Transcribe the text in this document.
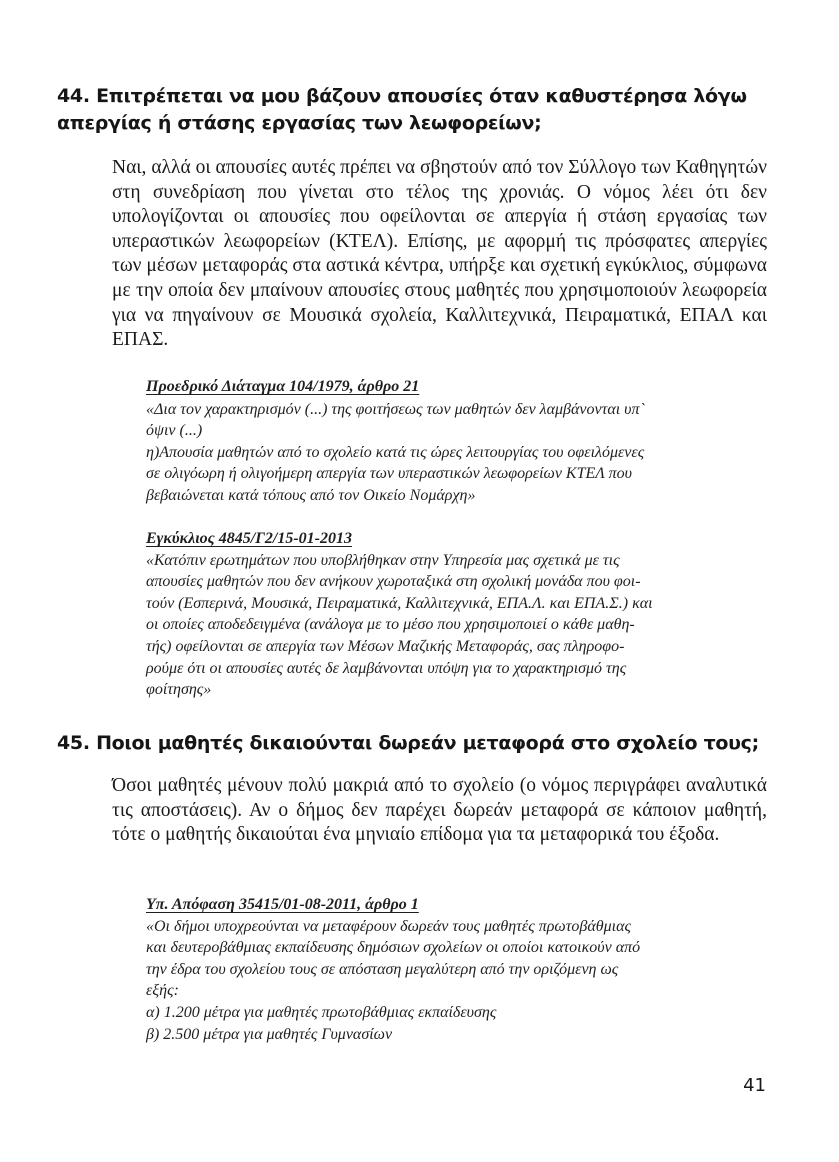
44. Επιτρέπεται να μου βάζουν απουσίες όταν καθυστέρησα λόγω απεργίας ή στάσης εργασίας των λεωφορείων;

Ναι, αλλά οι απουσίες αυτές πρέπει να σβηστούν από τον Σύλλογο των Καθηγητών στη συνεδρίαση που γίνεται στο τέλος της χρονιάς. Ο νόμος λέει ότι δεν υπολογίζονται οι απουσίες που οφείλονται σε απεργία ή στάση εργασίας των υπεραστικών λεωφορείων (ΚΤΕΛ). Επίσης, με αφορμή τις πρόσφατες απεργίες των μέσων μεταφοράς στα αστικά κέντρα, υπήρξε και σχετική εγκύκλιος, σύμφωνα με την οποία δεν μπαίνουν απουσίες στους μαθητές που χρησιμοποιούν λεωφορεία για να πηγαίνουν σε Μουσικά σχολεία, Καλλιτεχνικά, Πειραματικά, ΕΠΑΛ και ΕΠΑΣ.

Προεδρικό Διάταγμα 104/1979, άρθρο 21
«Δια τον χαρακτηρισμόν (...) της φοιτήσεως των μαθητών δεν λαμβάνονται υπ`
όψιν (...)
η)Απουσία μαθητών από το σχολείο κατά τις ώρες λειτουργίας του οφειλόμενες
σε ολιγόωρη ή ολιγοήμερη απεργία των υπεραστικών λεωφορείων ΚΤΕΛ που
βεβαιώνεται κατά τόπους από τον Οικείο Νομάρχη»
Εγκύκλιος 4845/Γ2/15-01-2013
«Κατόπιν ερωτημάτων που υποβλήθηκαν στην Υπηρεσία μας σχετικά με τις
απουσίες μαθητών που δεν ανήκουν χωροταξικά στη σχολική μονάδα που φοι-
τούν (Εσπερινά, Μουσικά, Πειραματικά, Καλλιτεχνικά, ΕΠΑ.Λ. και ΕΠΑ.Σ.) και
οι οποίες αποδεδειγμένα (ανάλογα με το μέσο που χρησιμοποιεί ο κάθε μαθη-
τής) οφείλονται σε απεργία των Μέσων Μαζικής Μεταφοράς, σας πληροφο-
ρούμε ότι οι απουσίες αυτές δε λαμβάνονται υπόψη για το χαρακτηρισμό της
φοίτησης»
45. Ποιοι μαθητές δικαιούνται δωρεάν μεταφορά στο σχολείο τους;

Όσοι μαθητές μένουν πολύ μακριά από το σχολείο (ο νόμος περιγράφει αναλυτικά τις αποστάσεις). Αν ο δήμος δεν παρέχει δωρεάν μεταφορά σε κάποιον μαθητή, τότε ο μαθητής δικαιούται ένα μηνιαίο επίδομα για τα μεταφορικά του έξοδα.

Υπ. Απόφαση 35415/01-08-2011, άρθρο 1
«Οι δήμοι υποχρεούνται να μεταφέρουν δωρεάν τους μαθητές πρωτοβάθμιας
και δευτεροβάθμιας εκπαίδευσης δημόσιων σχολείων οι οποίοι κατοικούν από
την έδρα του σχολείου τους σε απόσταση μεγαλύτερη από την οριζόμενη ως
εξής:
α) 1.200 μέτρα για μαθητές πρωτοβάθμιας εκπαίδευσης
β) 2.500 μέτρα για μαθητές Γυμνασίων
41
